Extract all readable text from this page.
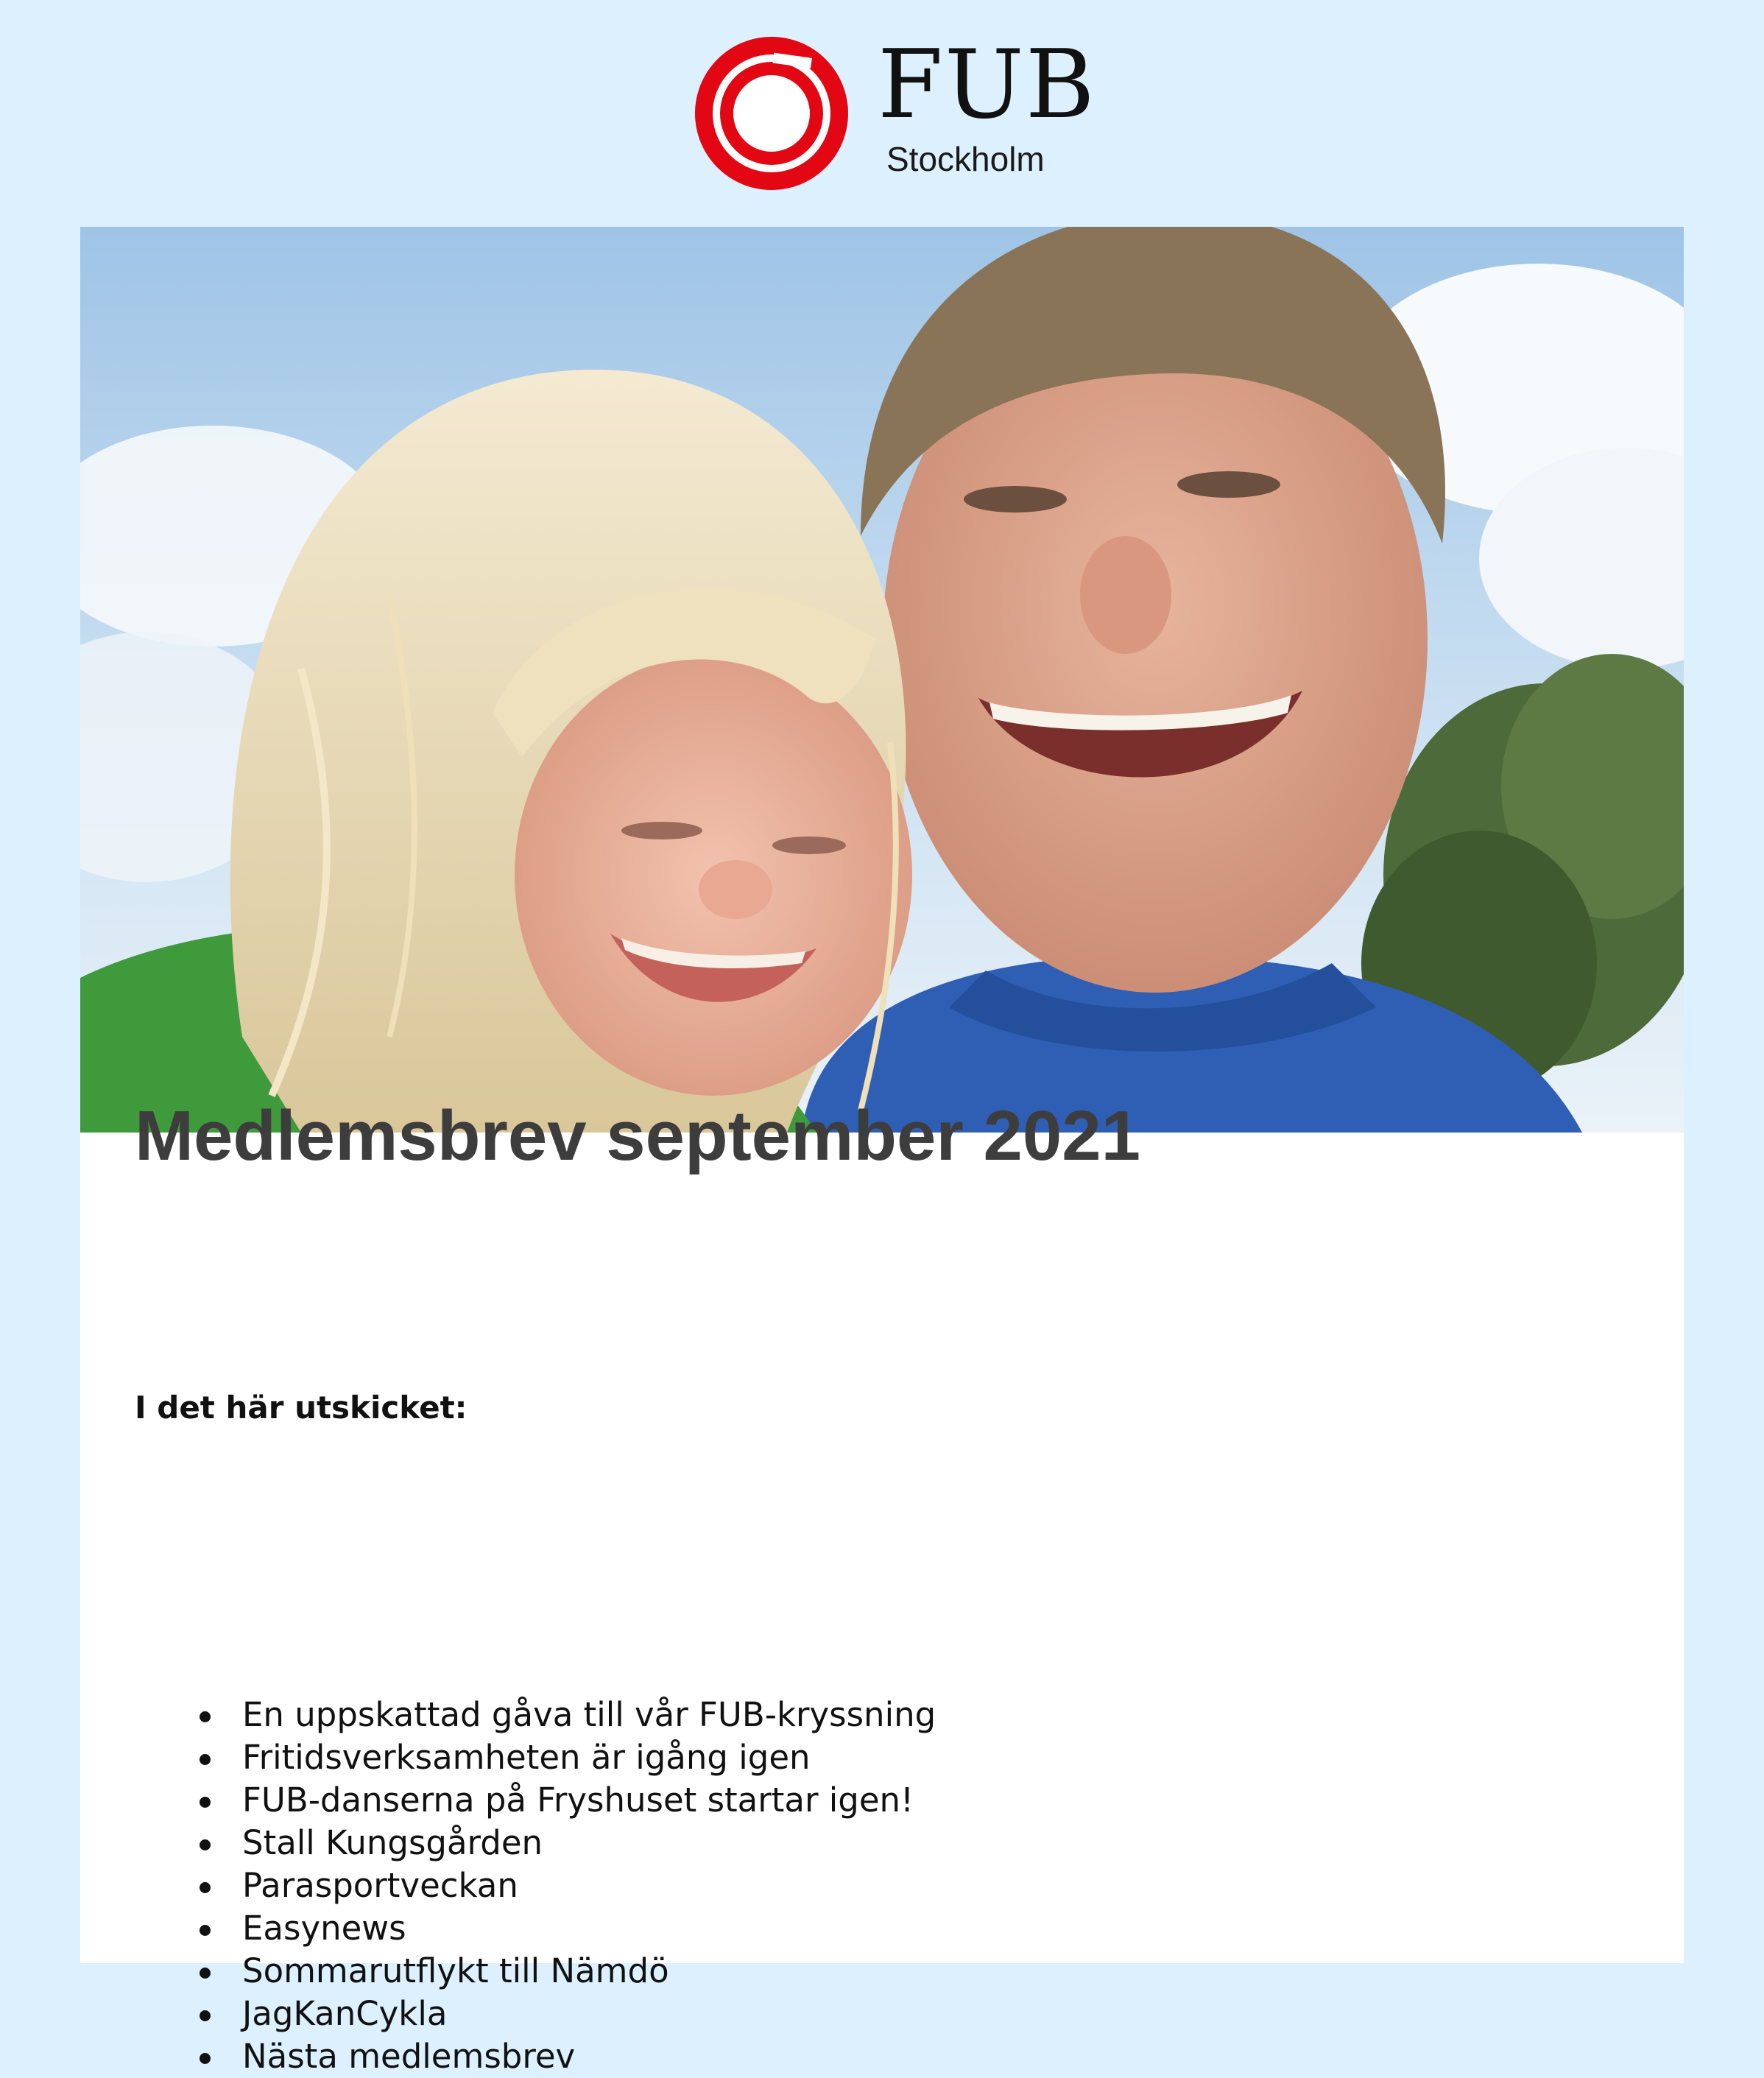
FUB
Stockholm
Medlemsbrev september 2021

I det här utskicket:

En uppskattad gåva till vår FUB-kryssning
Fritidsverksamheten är igång igen
FUB-danserna på Fryshuset startar igen!
Stall Kungsgården
Parasportveckan
Easynews
Sommarutflykt till Nämdö
JagKanCykla
Nästa medlemsbrev
